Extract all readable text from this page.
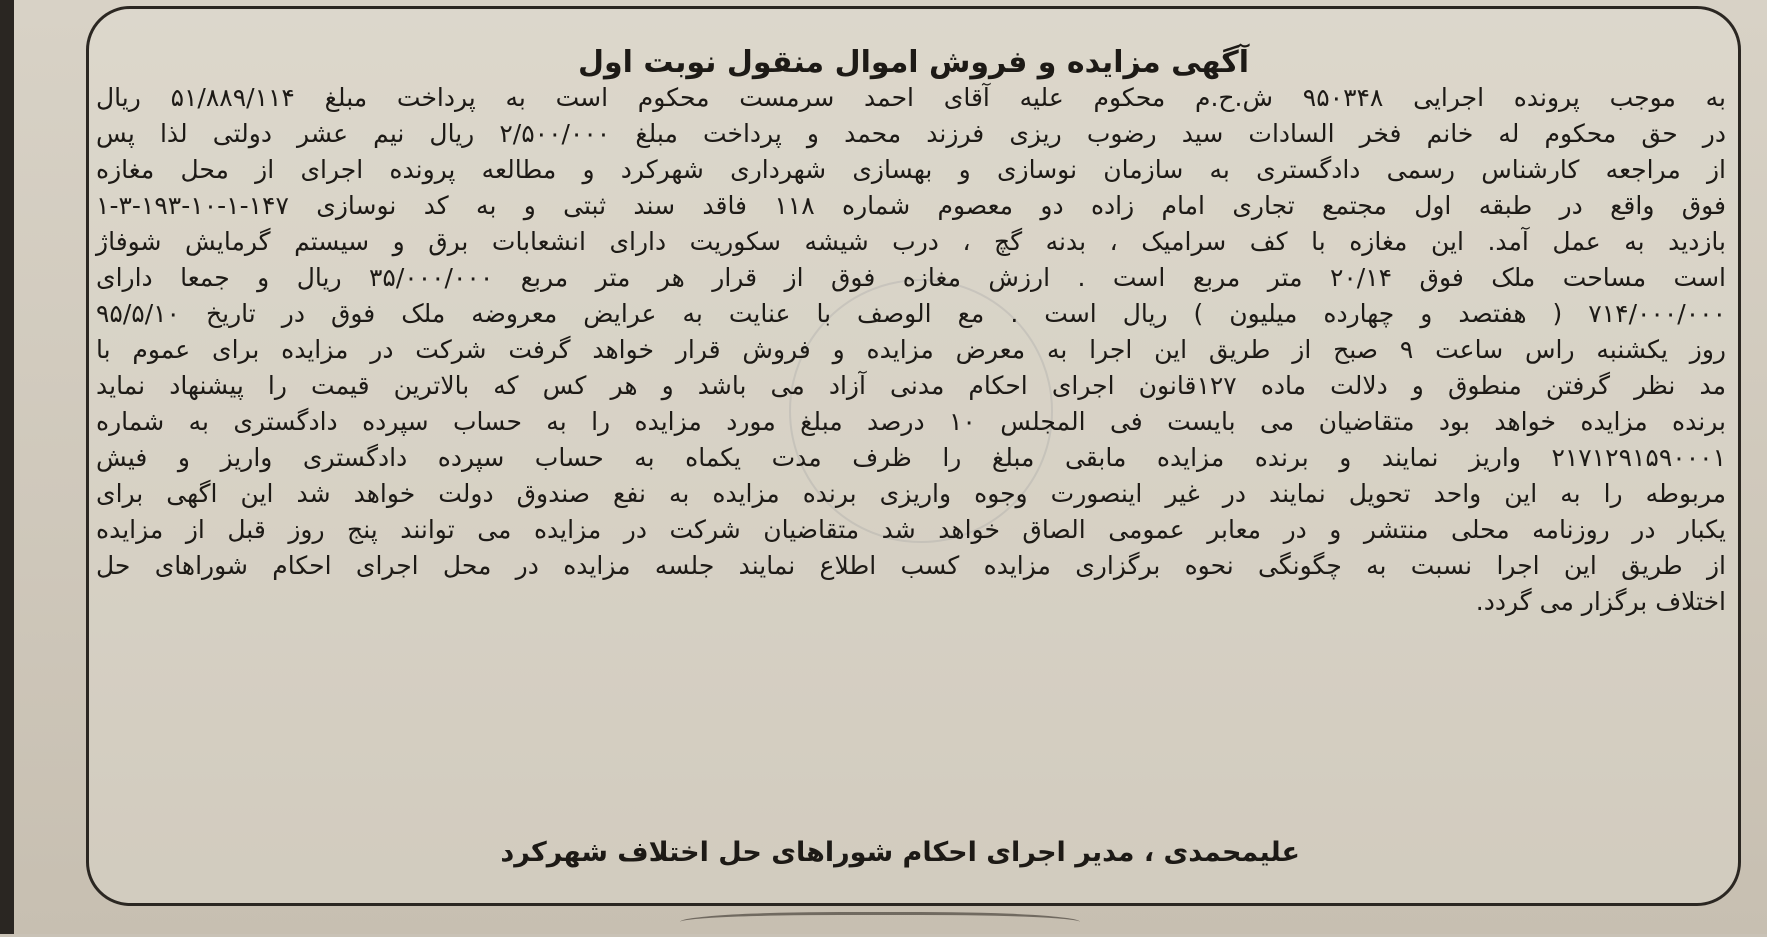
آگهی مزایده و فروش اموال منقول نوبت اول
به موجب پرونده اجرایی ۹۵۰۳۴۸ ش.ح.م محکوم علیه آقای احمد سرمست محکوم است به پرداخت مبلغ ۵۱/۸۸۹/۱۱۴ ریال
در حق محکوم له خانم فخر السادات سید رضوب ریزی فرزند محمد و پرداخت مبلغ ۲/۵۰۰/۰۰۰ ریال نیم عشر دولتی لذا پس
از مراجعه کارشناس رسمی دادگستری به سازمان نوسازی و بهسازی شهرداری شهرکرد و مطالعه پرونده اجرای از محل مغازه
فوق واقع در طبقه اول مجتمع تجاری امام زاده دو معصوم شماره ۱۱۸ فاقد سند ثبتی و به کد نوسازی ۱۴۷-۱-۱۰-۱۹۳-۳-۱
بازدید به عمل آمد. این مغازه با کف سرامیک ، بدنه گچ ، درب شیشه سکوریت دارای انشعابات برق و سیستم گرمایش شوفاژ
است مساحت ملک فوق ۲۰/۱۴ متر مربع است . ارزش مغازه فوق از قرار هر متر مربع ۳۵/۰۰۰/۰۰۰ ریال و جمعا دارای
۷۱۴/۰۰۰/۰۰۰ ( هفتصد و چهارده میلیون ) ریال است . مع الوصف با عنایت به عرایض معروضه ملک فوق در تاریخ ۹۵/۵/۱۰
روز یکشنبه راس ساعت ۹ صبح از طریق این اجرا به معرض مزایده و فروش قرار خواهد گرفت شرکت در مزایده برای عموم با
مد نظر گرفتن منطوق و دلالت ماده ۱۲۷قانون اجرای احکام مدنی آزاد می باشد و هر کس که بالاترین قیمت را پیشنهاد نماید
برنده مزایده خواهد بود متقاضیان می بایست فی المجلس ۱۰ درصد مبلغ مورد مزایده را به حساب سپرده دادگستری به شماره
۲۱۷۱۲۹۱۵۹۰۰۰۱ واریز نمایند و برنده مزایده مابقی مبلغ را ظرف مدت یکماه به حساب سپرده دادگستری واریز و فیش
مربوطه را به این واحد تحویل نمایند در غیر اینصورت وجوه واریزی برنده مزایده به نفع صندوق دولت خواهد شد این اگهی برای
یکبار در روزنامه محلی منتشر و در معابر عمومی الصاق خواهد شد متقاضیان شرکت در مزایده می توانند پنج روز قبل از مزایده
از طریق این اجرا نسبت به چگونگی نحوه برگزاری مزایده کسب اطلاع نمایند جلسه مزایده در محل اجرای احکام شوراهای حل
اختلاف برگزار می گردد.
علیمحمدی ، مدیر اجرای احکام شوراهای حل اختلاف شهرکرد
